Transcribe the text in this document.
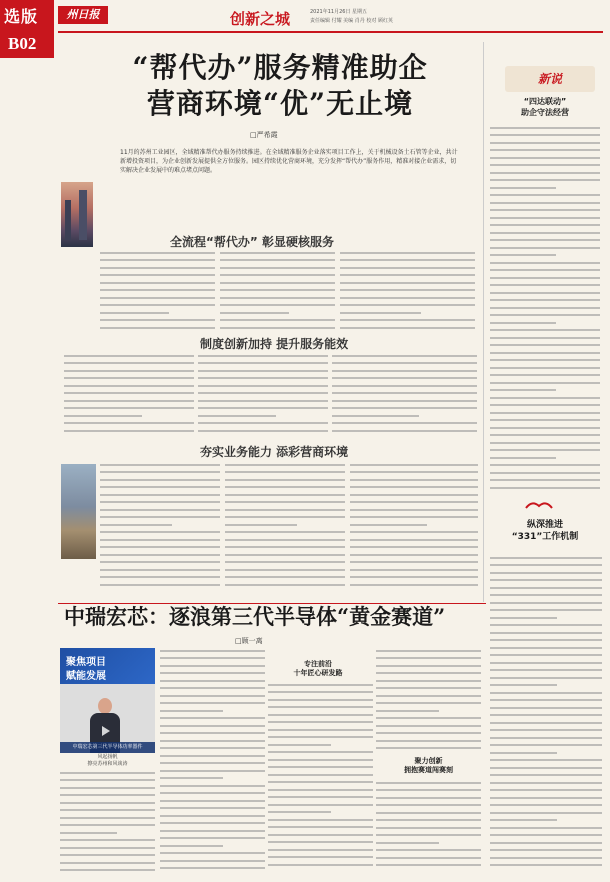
选版
B02
州日报	创新之城	2021年11月26日 星期五
责任编辑 付耀 美编 肖丹 校对 顾红英
“帮代办”服务精准助企
营商环境“优”无止境
□严希霞
11月的苏州工业园区，全域精准帮代办服务持续推进。在全域精准服务企业落实项目工作上，关于机械设备土石管等企业，共计新增投资项目，为企业创新发展提供全方位服务。园区持续优化营商环境，充分发挥“帮代办”服务作用，精准对接企业需求，切实解决企业发展中的难点堵点问题。
全流程“帮代办” 彰显硬核服务
制度创新加持 提升服务能效
夯实业务能力 添彩营商环境
新说
“四达联动”
助企守法经营
纵深推进
“331”工作机制
中瑞宏芯：逐浪第三代半导体“黄金赛道”
□顾一离
聚焦项目
赋能发展
中瑞宏芯第三代半导体功率器件
风起扬帆
擦亮苏州和风谈涛
专注前沿
十年匠心研发路
聚力创新
拥抱赛道闯赛刻
